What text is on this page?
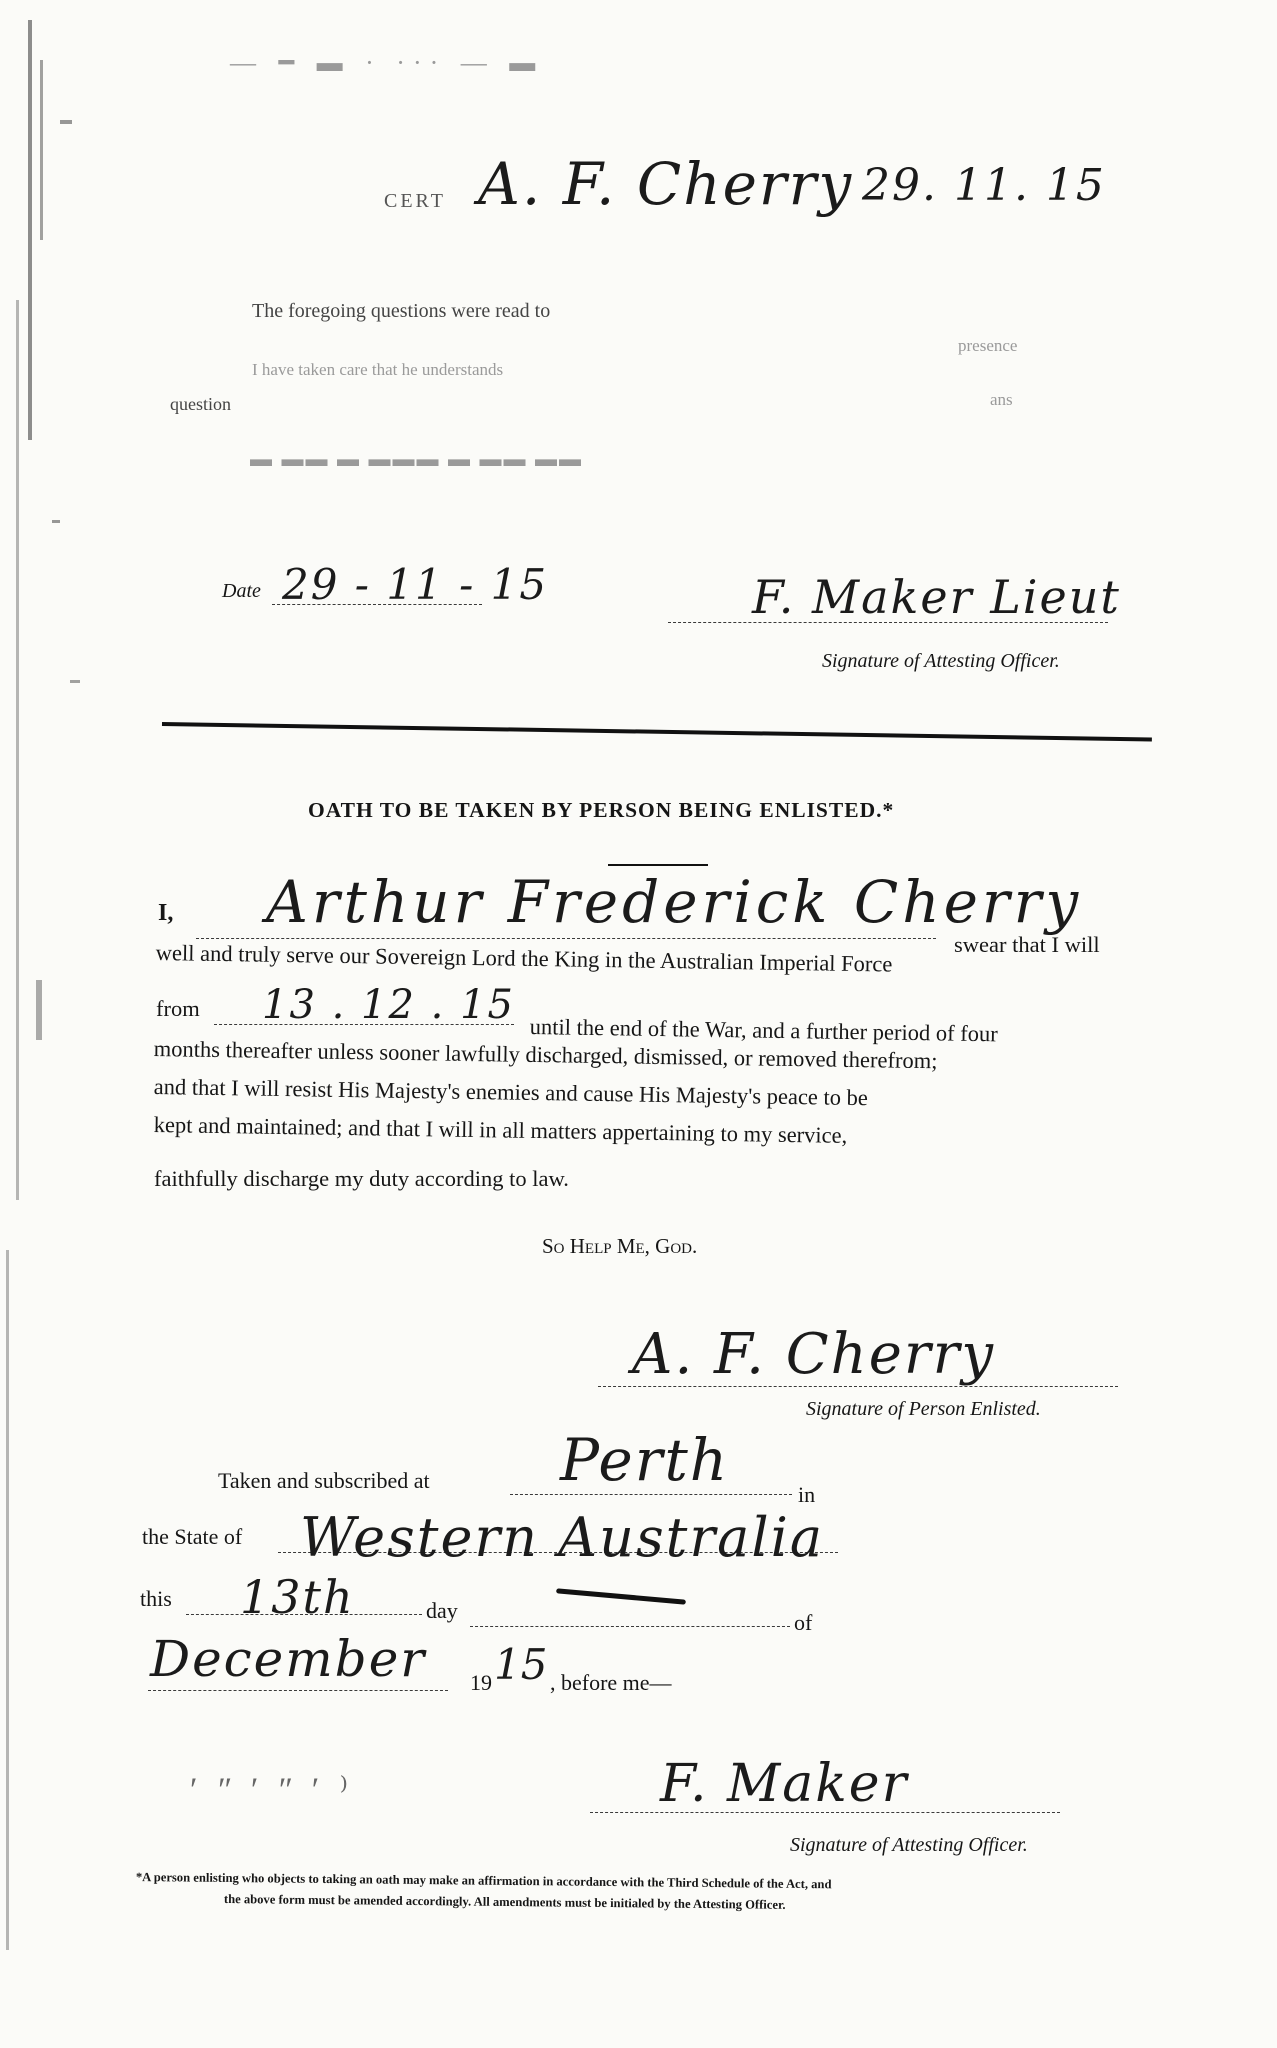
— ━ ▬ · ··· — ▬
CERT A. F. Cherry 29. 11. 15
The foregoing questions were read to
presence
I have taken care that he understands
question	ans
▬ ▬▬ ▬ ▬▬▬ ▬ ▬▬ ▬▬
Date 29 - 11 - 15	F. Maker Lieut
Signature of Attesting Officer.
OATH TO BE TAKEN BY PERSON BEING ENLISTED.*
I, Arthur Frederick Cherry
swear that I will
well and truly serve our Sovereign Lord the King in the Australian Imperial Force
from 13 . 12 . 15
until the end of the War, and a further period of four
months thereafter unless sooner lawfully discharged, dismissed, or removed therefrom;
and that I will resist His Majesty's enemies and cause His Majesty's peace to be
kept and maintained; and that I will in all matters appertaining to my service,
faithfully discharge my duty according to law.
So Help Me, God.
A. F. Cherry
Signature of Person Enlisted.
Taken and subscribed at Perth
in
the State of Western Australia
this 13th	day	of
December 19 15 , before me—
ʹ ʺ ʹ ʺ ʹ ⁾	F. Maker
Signature of Attesting Officer.
*A person enlisting who objects to taking an oath may make an affirmation in accordance with the Third Schedule of the Act, and
the above form must be amended accordingly. All amendments must be initialed by the Attesting Officer.
